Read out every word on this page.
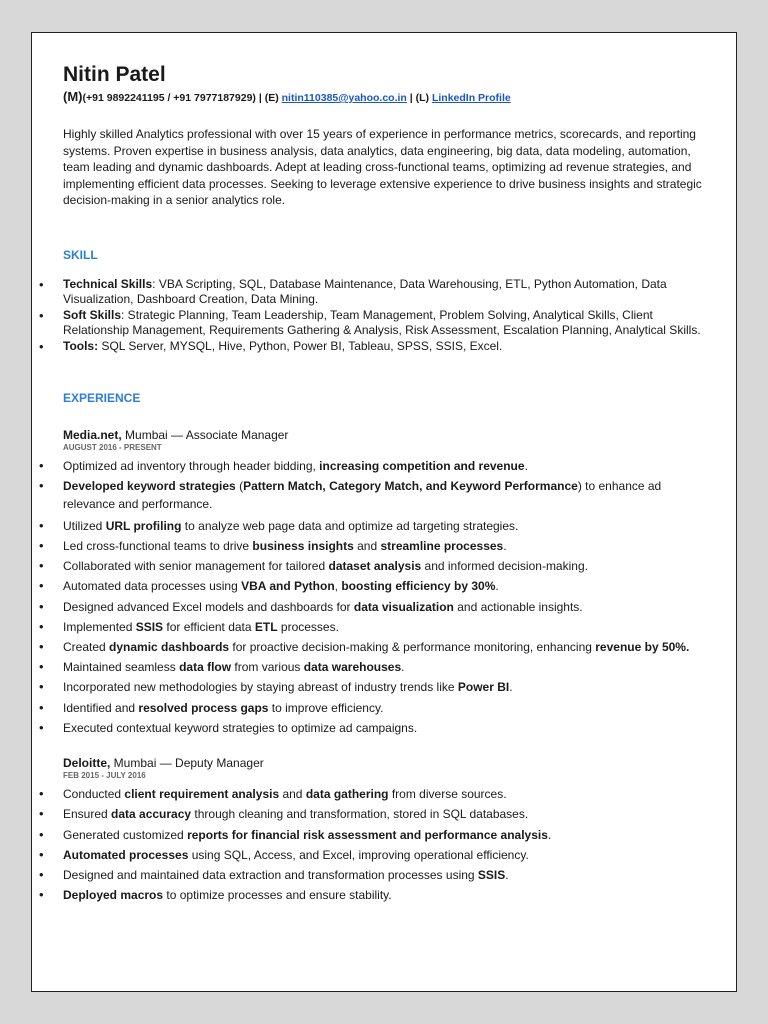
Nitin Patel
(M)(+91 9892241195 / +91 7977187929) | (E) nitin110385@yahoo.co.in | (L) LinkedIn Profile

Highly skilled Analytics professional with over 15 years of experience in performance metrics, scorecards, and reporting systems. Proven expertise in business analysis, data analytics, data engineering, big data, data modeling, automation, team leading and dynamic dashboards. Adept at leading cross-functional teams, optimizing ad revenue strategies, and implementing efficient data processes. Seeking to leverage extensive experience to drive business insights and strategic decision-making in a senior analytics role.

SKILL
• Technical Skills: VBA Scripting, SQL, Database Maintenance, Data Warehousing, ETL, Python Automation, Data Visualization, Dashboard Creation, Data Mining.
• Soft Skills: Strategic Planning, Team Leadership, Team Management, Problem Solving, Analytical Skills, Client Relationship Management, Requirements Gathering & Analysis, Risk Assessment, Escalation Planning, Analytical Skills.
• Tools: SQL Server, MYSQL, Hive, Python, Power BI, Tableau, SPSS, SSIS, Excel.
EXPERIENCE
Media.net, Mumbai — Associate Manager
AUGUST 2016 - PRESENT
• Optimized ad inventory through header bidding, increasing competition and revenue.
• Developed keyword strategies (Pattern Match, Category Match, and Keyword Performance) to enhance ad relevance and performance.
• Utilized URL profiling to analyze web page data and optimize ad targeting strategies.
• Led cross-functional teams to drive business insights and streamline processes.
• Collaborated with senior management for tailored dataset analysis and informed decision-making.
• Automated data processes using VBA and Python, boosting efficiency by 30%.
• Designed advanced Excel models and dashboards for data visualization and actionable insights.
• Implemented SSIS for efficient data ETL processes.
• Created dynamic dashboards for proactive decision-making & performance monitoring, enhancing revenue by 50%.
• Maintained seamless data flow from various data warehouses.
• Incorporated new methodologies by staying abreast of industry trends like Power BI.
• Identified and resolved process gaps to improve efficiency.
• Executed contextual keyword strategies to optimize ad campaigns.
Deloitte, Mumbai — Deputy Manager
FEB 2015 - JULY 2016
• Conducted client requirement analysis and data gathering from diverse sources.
• Ensured data accuracy through cleaning and transformation, stored in SQL databases.
• Generated customized reports for financial risk assessment and performance analysis.
• Automated processes using SQL, Access, and Excel, improving operational efficiency.
• Designed and maintained data extraction and transformation processes using SSIS.
• Deployed macros to optimize processes and ensure stability.
